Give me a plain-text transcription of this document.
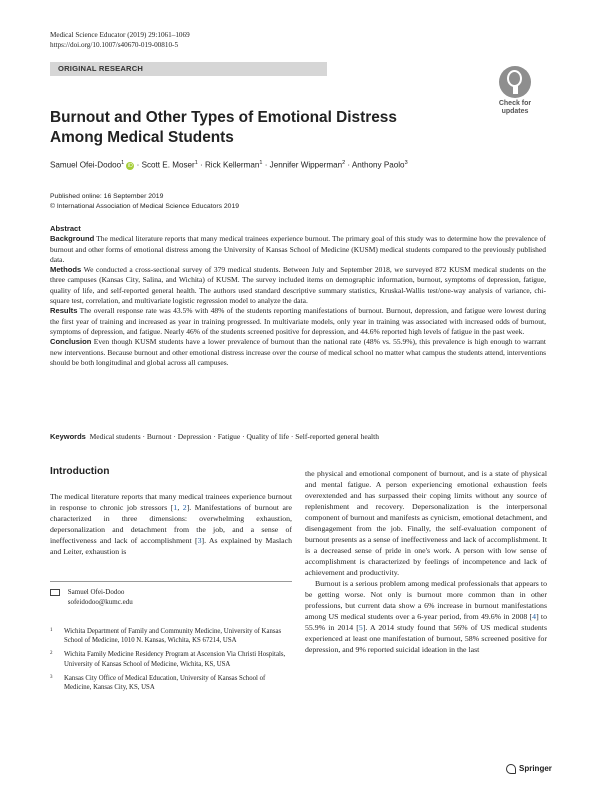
Medical Science Educator (2019) 29:1061–1069
https://doi.org/10.1007/s40670-019-00810-5
ORIGINAL RESEARCH
Check for
updates
Burnout and Other Types of Emotional Distress
Among Medical Students
Samuel Ofei-Dodoo$^1$ iD · Scott E. Moser$^1$ · Rick Kellerman$^1$ · Jennifer Wipperman$^2$ · Anthony Paolo$^3$
Published online: 16 September 2019
© International Association of Medical Science Educators 2019
Abstract

Background The medical literature reports that many medical trainees experience burnout. The primary goal of this study was to determine how the prevalence of burnout and other forms of emotional distress among the University of Kansas School of Medicine (KUSM) medical students compared to the previously published data.

Methods We conducted a cross-sectional survey of 379 medical students. Between July and September 2018, we surveyed 872 KUSM medical students on the three campuses (Kansas City, Salina, and Wichita) of KUSM. The survey included items on demographic information, burnout, symptoms of depression, fatigue, quality of life, and self-reported general health. The authors used standard descriptive summary statistics, Kruskal-Wallis test/one-way analysis of variance, chi-square test, correlation, and multivariate logistic regression model to analyze the data.

Results The overall response rate was 43.5% with 48% of the students reporting manifestations of burnout. Burnout, depression, and fatigue were lowest during the first year of training and increased as year in training progressed. In multivariate models, only year in training was associated with increased odds of burnout, symptoms of depression, and fatigue. Nearly 46% of the students screened positive for depression, and 44.6% reported high levels of fatigue in the past week.

Conclusion Even though KUSM students have a lower prevalence of burnout than the national rate (48% vs. 55.9%), this prevalence is high enough to warrant new interventions. Because burnout and other emotional distress increase over the course of medical school no matter what campus the students attend, interventions should be both longitudinal and global across all campuses.

Keywords Medical students · Burnout · Depression · Fatigue · Quality of life · Self-reported general health
Introduction

The medical literature reports that many medical trainees experience burnout in response to chronic job stressors [1, 2]. Manifestations of burnout are characterized in three dimensions: overwhelming exhaustion, depersonalization and detachment from the job, and a sense of ineffectiveness and lack of accomplishment [3]. As explained by Maslach and Leiter, exhaustion is

Samuel Ofei-Dodoo
sofeidodoo@kumc.edu
1 Wichita Department of Family and Community Medicine, University of Kansas School of Medicine, 1010 N. Kansas, Wichita, KS 67214, USA
2 Wichita Family Medicine Residency Program at Ascension Via Christi Hospitals, University of Kansas School of Medicine, Wichita, KS, USA
3 Kansas City Office of Medical Education, University of Kansas School of Medicine, Kansas City, KS, USA

the physical and emotional component of burnout, and is a state of physical and mental fatigue. A person experiencing emotional exhaustion feels overextended and has surpassed their coping limits without any source of replenishment and recovery. Depersonalization is the interpersonal component of burnout and manifests as cynicism, emotional detachment, and disengagement from the job. Finally, the self-evaluation component of burnout presents as a sense of ineffectiveness and lack of accomplishment. It is a decreased sense of pride in one's work. A person with low sense of accomplishment is characterized by feelings of incompetence and lack of achievement and productivity.

Burnout is a serious problem among medical professionals that appears to be getting worse. Not only is burnout more common than in other professions, but current data show a 6% increase in burnout manifestations among US medical students over a 6-year period, from 49.6% in 2008 [4] to 55.9% in 2014 [5]. A 2014 study found that 56% of US medical students experienced at least one manifestation of burnout, 58% screened positive for depression, and 9% reported suicidal ideation in the last

Springer
